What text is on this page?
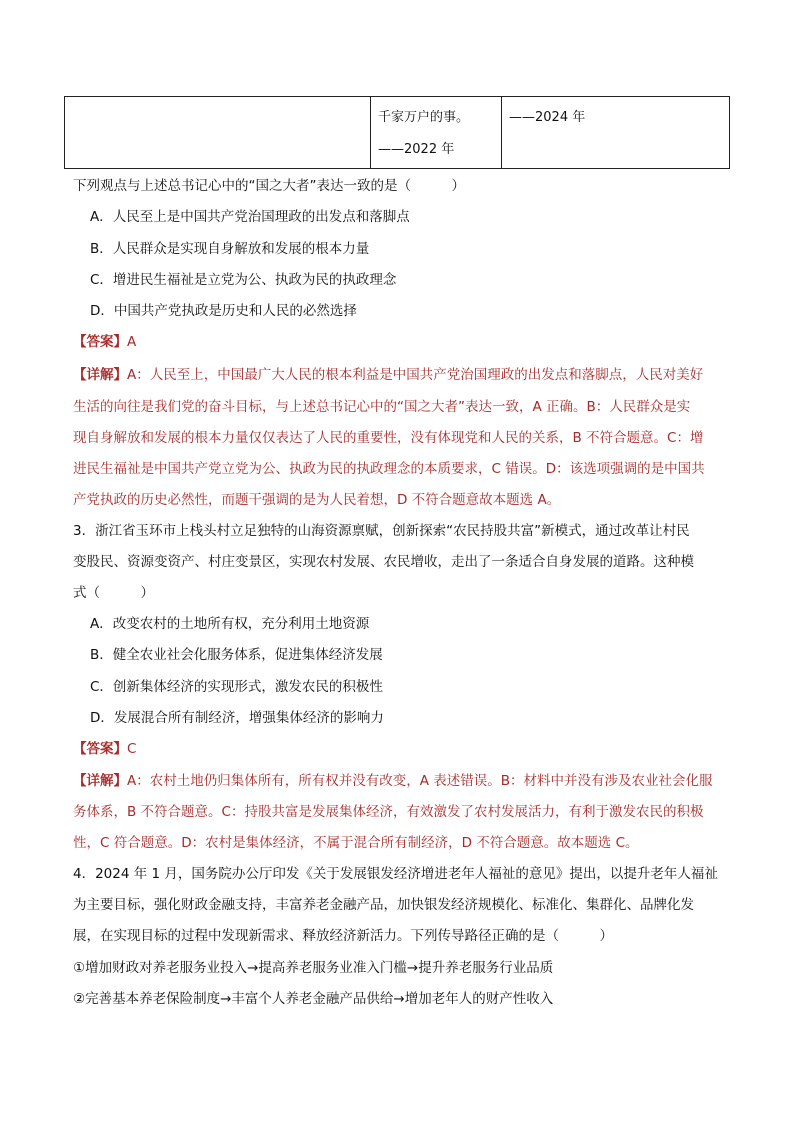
千家万户的事。
——2022 年
——2024 年
下列观点与上述总书记心中的“国之大者”表达一致的是（　　　）
A．人民至上是中国共产党治国理政的出发点和落脚点
B．人民群众是实现自身解放和发展的根本力量
C．增进民生福祉是立党为公、执政为民的执政理念
D．中国共产党执政是历史和人民的必然选择
【答案】A
【详解】A：人民至上，中国最广大人民的根本利益是中国共产党治国理政的出发点和落脚点，人民对美好
生活的向往是我们党的奋斗目标，与上述总书记心中的“国之大者”表达一致，A 正确。B：人民群众是实
现自身解放和发展的根本力量仅仅表达了人民的重要性，没有体现党和人民的关系，B 不符合题意。C：增
进民生福祉是中国共产党立党为公、执政为民的执政理念的本质要求，C 错误。D：该选项强调的是中国共
产党执政的历史必然性，而题干强调的是为人民着想，D 不符合题意故本题选 A。
3．浙江省玉环市上栈头村立足独特的山海资源禀赋，创新探索“农民持股共富”新模式，通过改革让村民
变股民、资源变资产、村庄变景区，实现农村发展、农民增收，走出了一条适合自身发展的道路。这种模
式（　　　）
A．改变农村的土地所有权，充分利用土地资源
B．健全农业社会化服务体系，促进集体经济发展
C．创新集体经济的实现形式，激发农民的积极性
D．发展混合所有制经济，增强集体经济的影响力
【答案】C
【详解】A：农村土地仍归集体所有，所有权并没有改变，A 表述错误。B：材料中并没有涉及农业社会化服
务体系，B 不符合题意。C：持股共富是发展集体经济，有效激发了农村发展活力，有利于激发农民的积极
性，C 符合题意。D：农村是集体经济，不属于混合所有制经济，D 不符合题意。故本题选 C。
4．2024 年 1 月，国务院办公厅印发《关于发展银发经济增进老年人福祉的意见》提出，以提升老年人福祉
为主要目标，强化财政金融支持，丰富养老金融产品，加快银发经济规模化、标准化、集群化、品牌化发
展，在实现目标的过程中发现新需求、释放经济新活力。下列传导路径正确的是（　　　）
①增加财政对养老服务业投入→提高养老服务业准入门槛→提升养老服务行业品质
②完善基本养老保险制度→丰富个人养老金融产品供给→增加老年人的财产性收入
